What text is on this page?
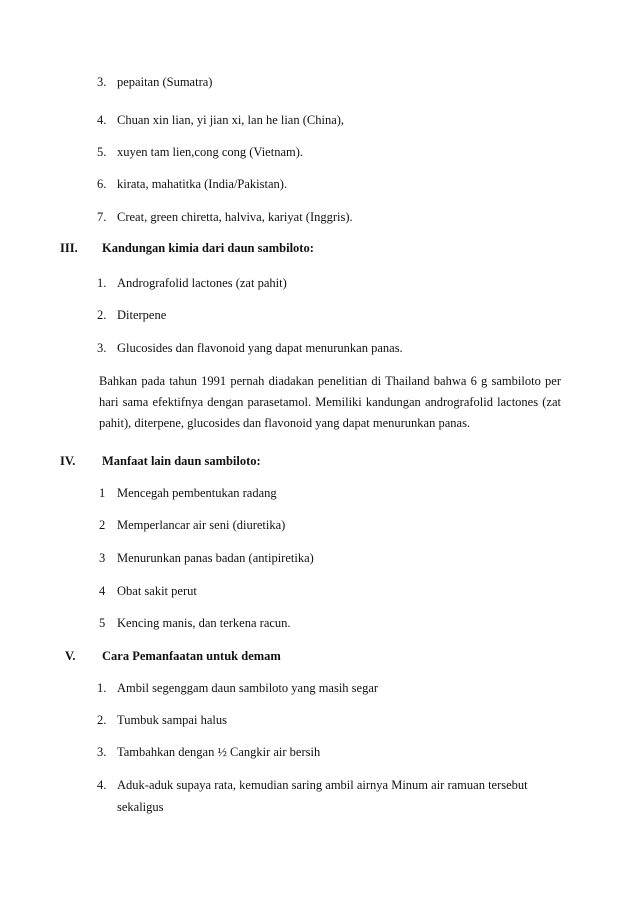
3. pepaitan (Sumatra)
4. Chuan xin lian, yi jian xi, lan he lian (China),
5. xuyen tam lien,cong cong (Vietnam).
6. kirata, mahatitka (India/Pakistan).
7. Creat, green chiretta, halviva, kariyat (Inggris).
III. Kandungan kimia dari daun sambiloto:
1. Andrografolid lactones (zat pahit)
2. Diterpene
3. Glucosides dan flavonoid yang dapat menurunkan panas.
Bahkan pada tahun 1991 pernah diadakan penelitian di Thailand bahwa 6 g sambiloto per hari sama efektifnya dengan parasetamol. Memiliki kandungan andrografolid lactones (zat pahit), diterpene, glucosides dan flavonoid yang dapat menurunkan panas.
IV. Manfaat lain daun sambiloto:
1 Mencegah pembentukan radang
2 Memperlancar air seni (diuretika)
3 Menurunkan panas badan (antipiretika)
4 Obat sakit perut
5 Kencing manis, dan terkena racun.
V. Cara Pemanfaatan untuk demam
1. Ambil segenggam daun sambiloto yang masih segar
2. Tumbuk sampai halus
3. Tambahkan dengan ½ Cangkir air bersih
4. Aduk-aduk supaya rata, kemudian saring ambil airnya Minum air ramuan tersebut
sekaligus
